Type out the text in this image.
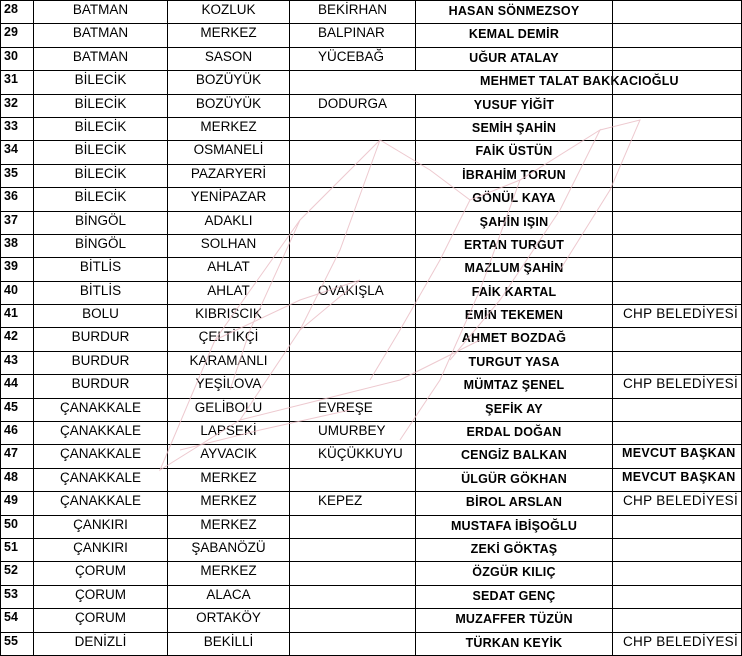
28	BATMAN	KOZLUK	BEKİRHAN	HASAN SÖNMEZSOY	
29	BATMAN	MERKEZ	BALPINAR	KEMAL DEMİR	
30	BATMAN	SASON	YÜCEBAĞ	UĞUR ATALAY	
31	BİLECİK	BOZÜYÜK	MEHMET TALAT BAKKACIOĞLU		
32	BİLECİK	BOZÜYÜK	DODURGA	YUSUF YİĞİT	
33	BİLECİK	MERKEZ		SEMİH ŞAHİN	
34	BİLECİK	OSMANELİ		FAİK ÜSTÜN	
35	BİLECİK	PAZARYERİ		İBRAHİM TORUN	
36	BİLECİK	YENİPAZAR		GÖNÜL KAYA	
37	BİNGÖL	ADAKLI		ŞAHİN IŞIN	
38	BİNGÖL	SOLHAN		ERTAN TURGUT	
39	BİTLİS	AHLAT		MAZLUM ŞAHİN	
40	BİTLİS	AHLAT	OVAKIŞLA	FAİK KARTAL	
41	BOLU	KIBRISCIK		EMİN TEKEMEN	CHP BELEDİYESİ
42	BURDUR	ÇELTİKÇİ		AHMET BOZDAĞ	
43	BURDUR	KARAMANLI		TURGUT YASA	
44	BURDUR	YEŞİLOVA		MÜMTAZ ŞENEL	CHP BELEDİYESİ
45	ÇANAKKALE	GELİBOLU	EVREŞE	ŞEFİK AY	
46	ÇANAKKALE	LAPSEKİ	UMURBEY	ERDAL DOĞAN	
47	ÇANAKKALE	AYVACIK	KÜÇÜKKUYU	CENGİZ BALKAN	MEVCUT BAŞKAN
48	ÇANAKKALE	MERKEZ		ÜLGÜR GÖKHAN	MEVCUT BAŞKAN
49	ÇANAKKALE	MERKEZ	KEPEZ	BİROL ARSLAN	CHP BELEDİYESİ
50	ÇANKIRI	MERKEZ		MUSTAFA İBİŞOĞLU	
51	ÇANKIRI	ŞABANÖZÜ		ZEKİ GÖKTAŞ	
52	ÇORUM	MERKEZ		ÖZGÜR KILIÇ	
53	ÇORUM	ALACA		SEDAT GENÇ	
54	ÇORUM	ORTAKÖY		MUZAFFER TÜZÜN	
55	DENİZLİ	BEKİLLİ		TÜRKAN KEYİK	CHP BELEDİYESİ
